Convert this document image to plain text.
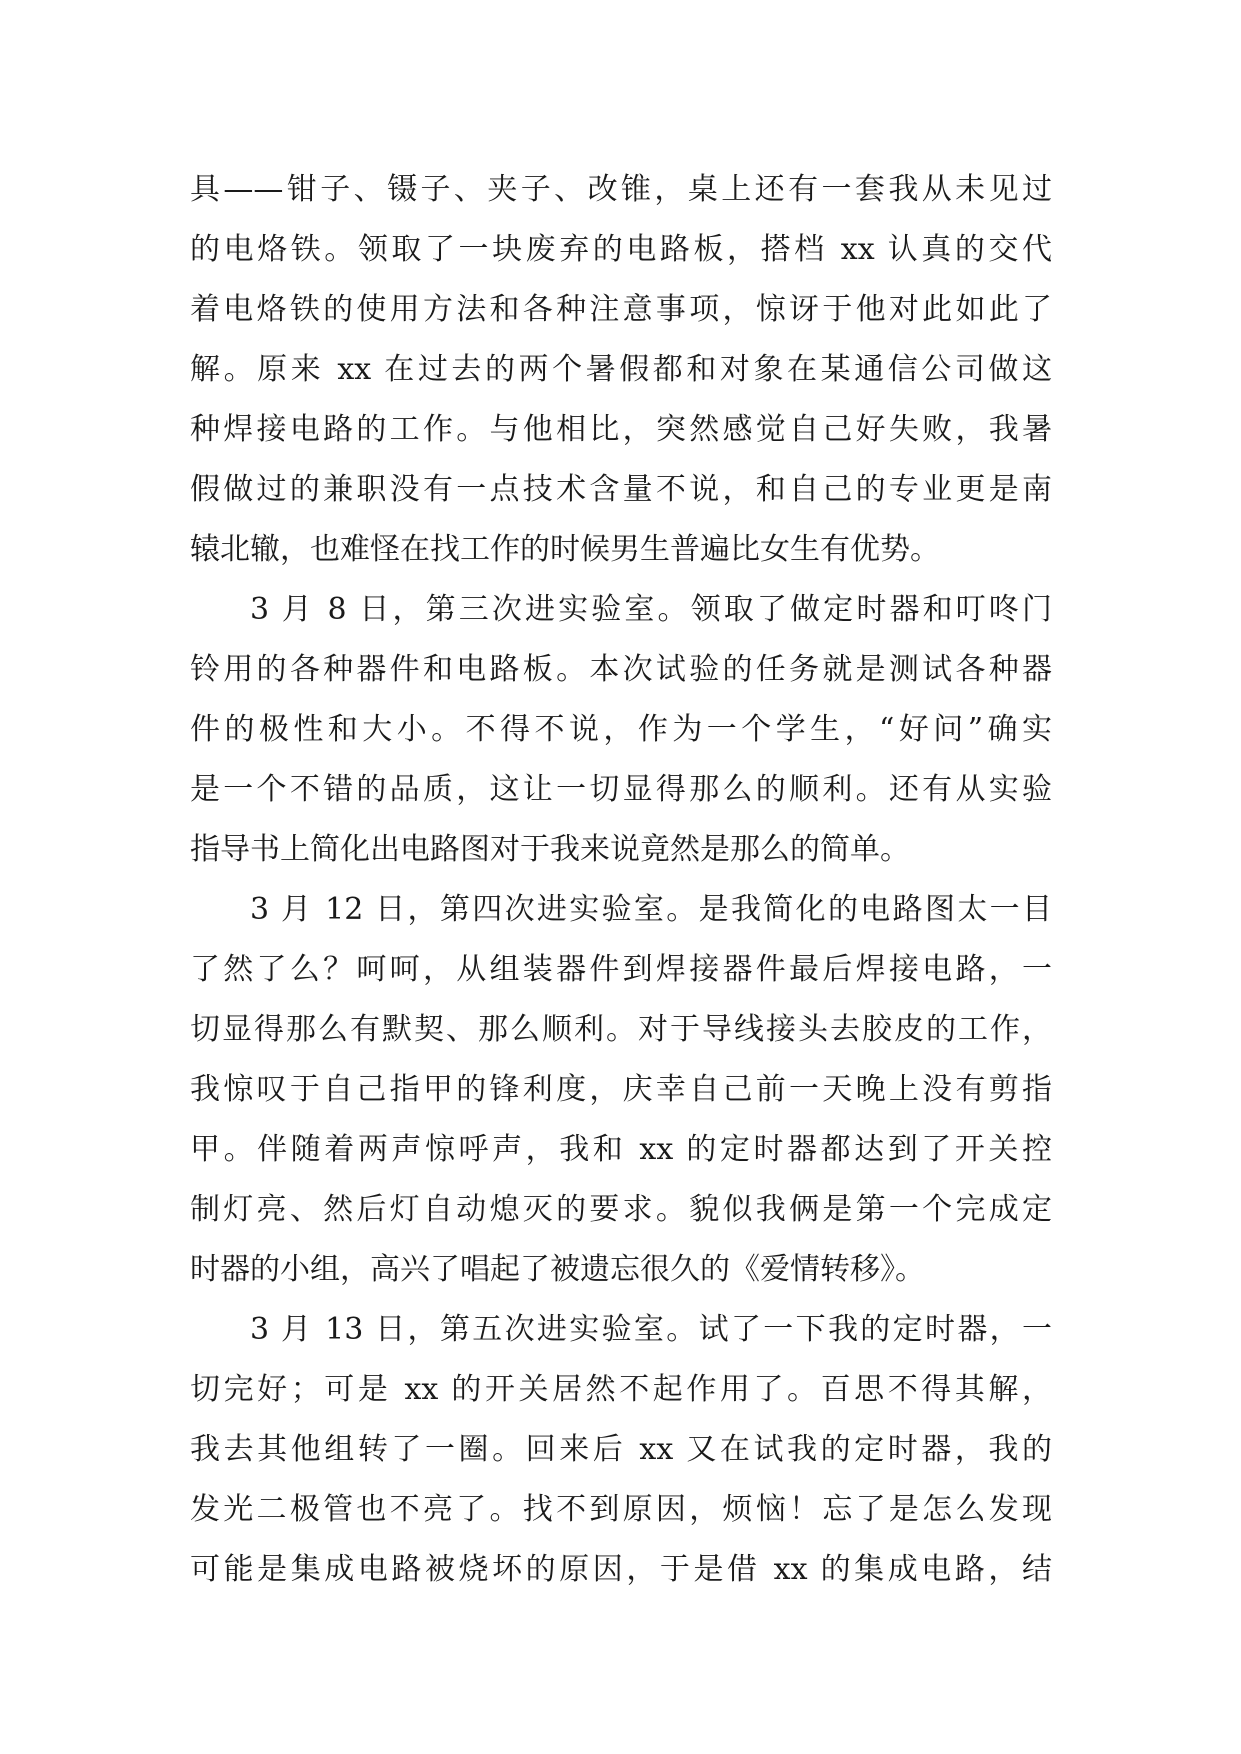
具——钳子、镊子、夹子、改锥，桌上还有一套我从未见过
的电烙铁。领取了一块废弃的电路板，搭档 xx 认真的交代
着电烙铁的使用方法和各种注意事项，惊讶于他对此如此了
解。原来 xx 在过去的两个暑假都和对象在某通信公司做这
种焊接电路的工作。与他相比，突然感觉自己好失败，我暑
假做过的兼职没有一点技术含量不说，和自己的专业更是南
辕北辙，也难怪在找工作的时候男生普遍比女生有优势。
3 月 8 日，第三次进实验室。领取了做定时器和叮咚门
铃用的各种器件和电路板。本次试验的任务就是测试各种器
件的极性和大小。不得不说，作为一个学生，“好问”确实
是一个不错的品质，这让一切显得那么的顺利。还有从实验
指导书上简化出电路图对于我来说竟然是那么的简单。
3 月 12 日，第四次进实验室。是我简化的电路图太一目
了然了么？呵呵，从组装器件到焊接器件最后焊接电路，一
切显得那么有默契、那么顺利。对于导线接头去胶皮的工作，
我惊叹于自己指甲的锋利度，庆幸自己前一天晚上没有剪指
甲。伴随着两声惊呼声，我和 xx 的定时器都达到了开关控
制灯亮、然后灯自动熄灭的要求。貌似我俩是第一个完成定
时器的小组，高兴了唱起了被遗忘很久的《爱情转移》。
3 月 13 日，第五次进实验室。试了一下我的定时器，一
切完好；可是 xx 的开关居然不起作用了。百思不得其解，
我去其他组转了一圈。回来后 xx 又在试我的定时器，我的
发光二极管也不亮了。找不到原因，烦恼！忘了是怎么发现
可能是集成电路被烧坏的原因，于是借 xx 的集成电路，结
